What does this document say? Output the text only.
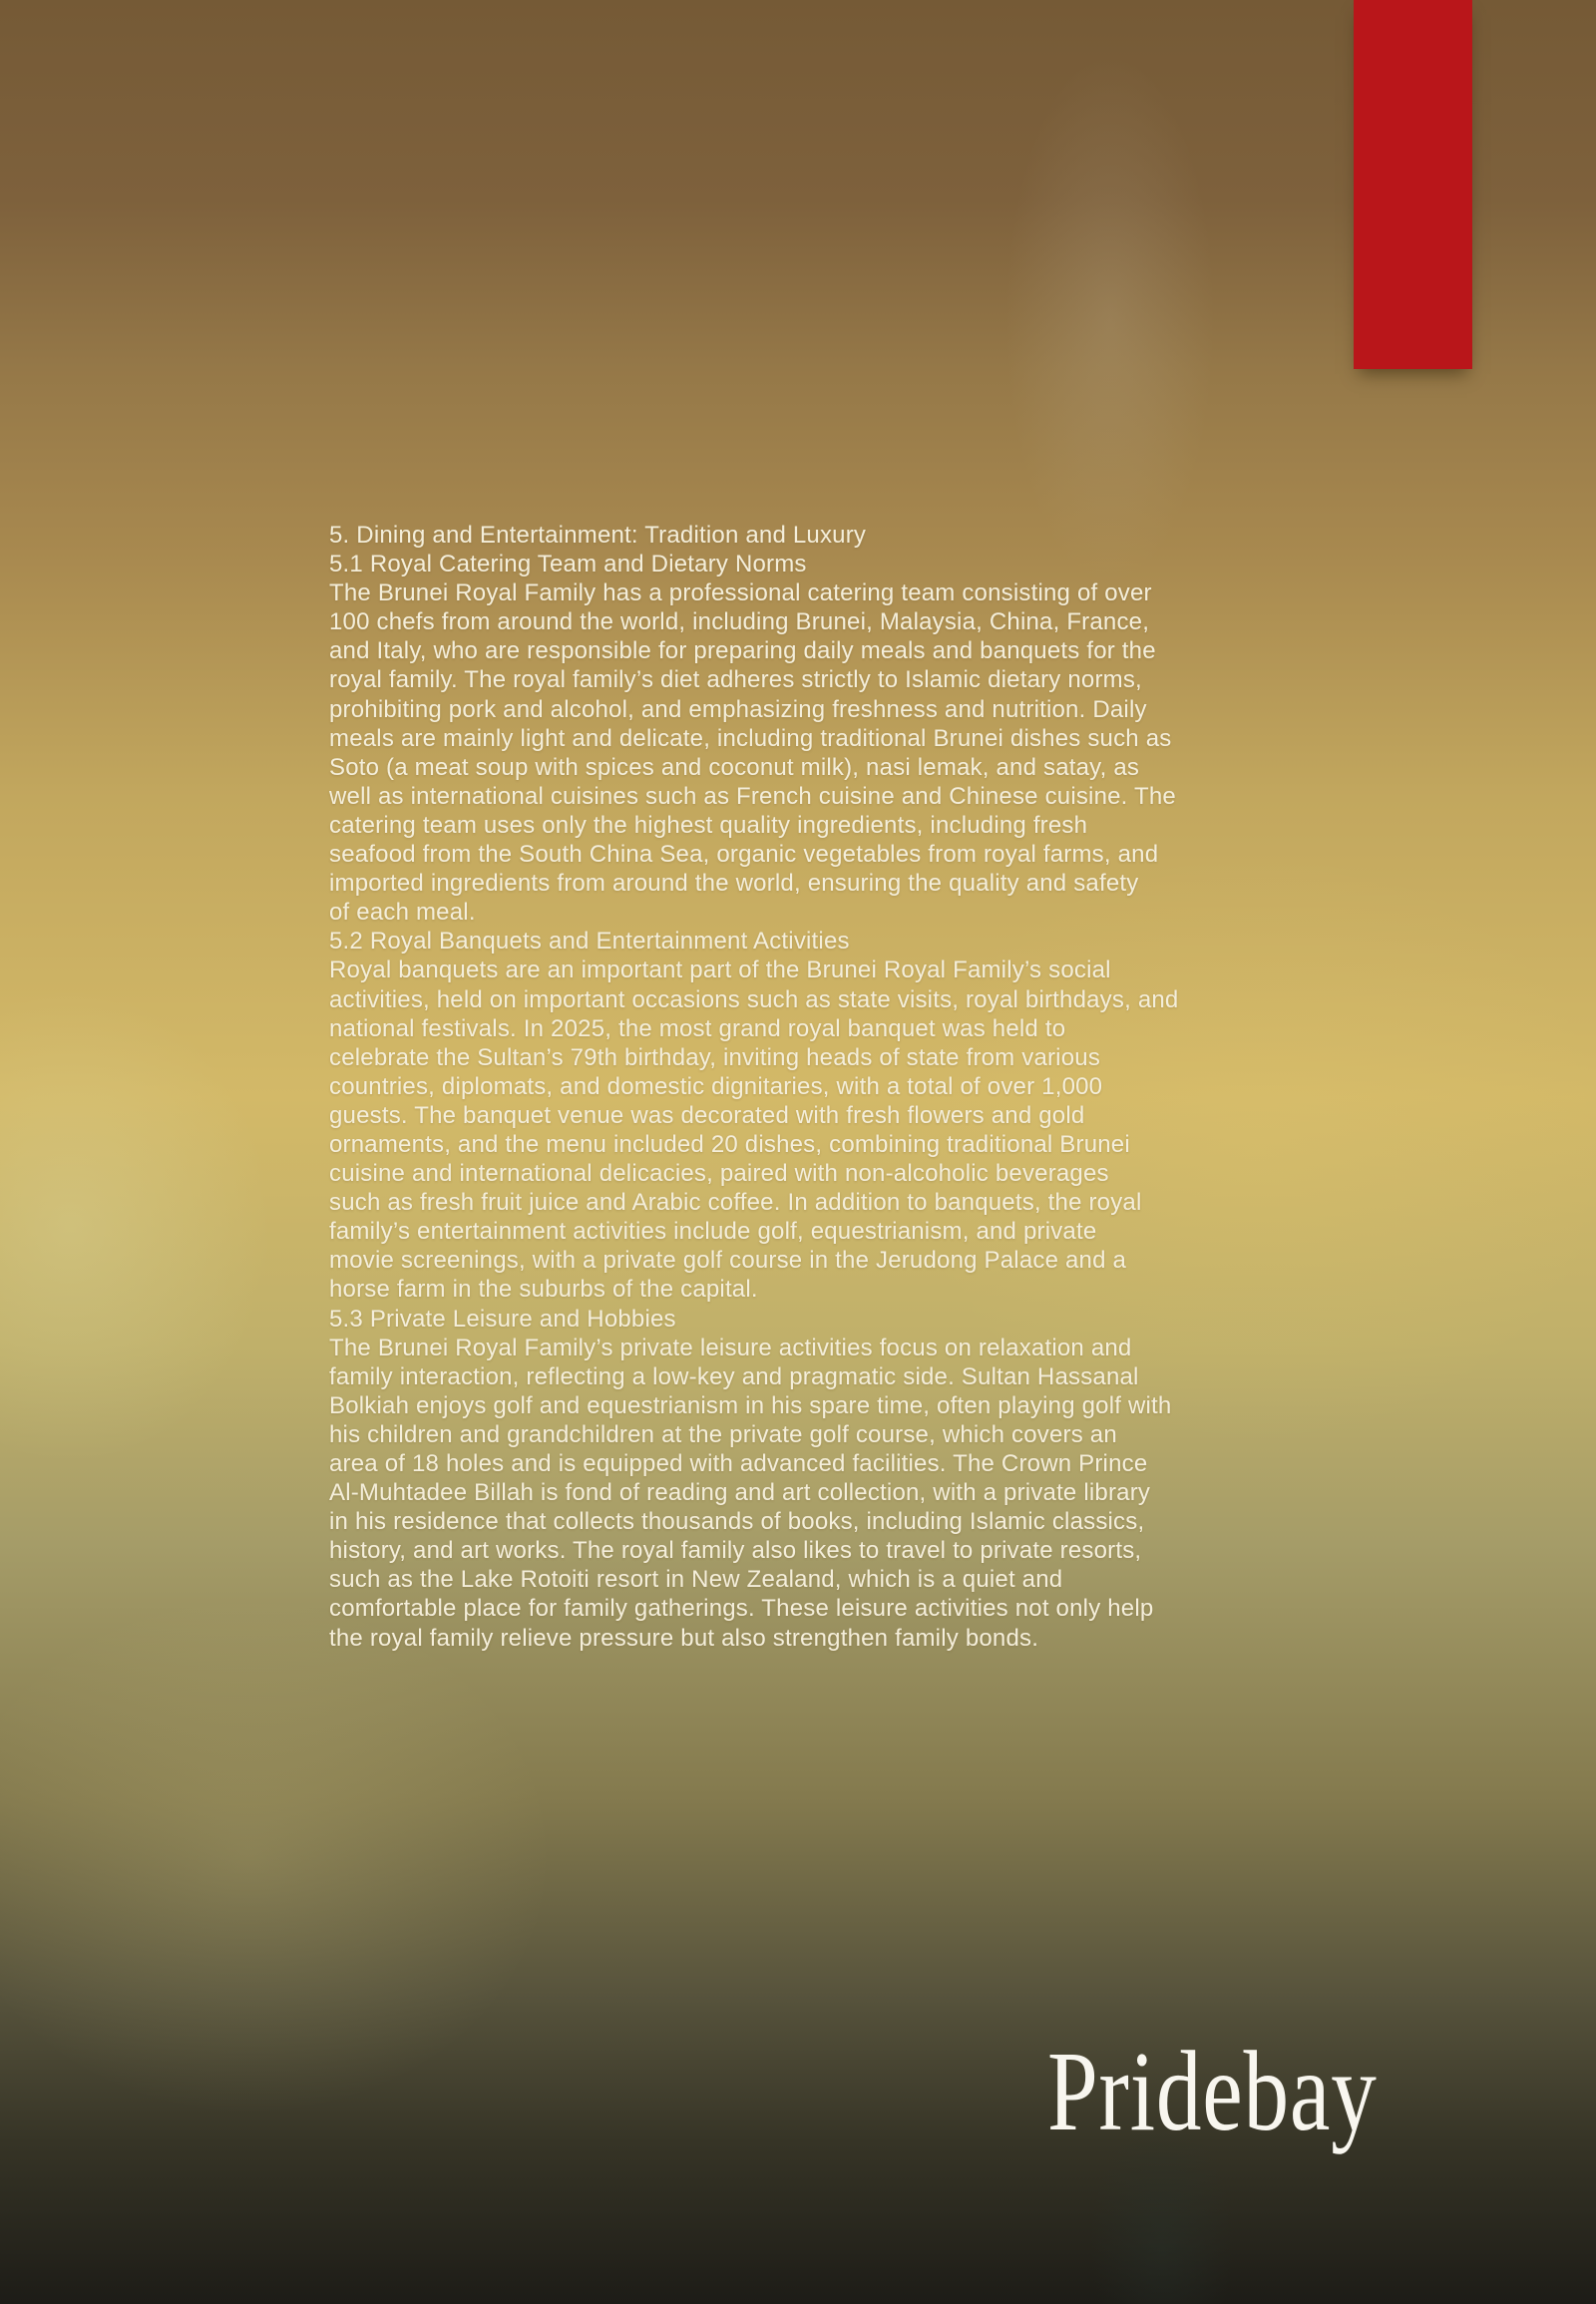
5. Dining and Entertainment: Tradition and Luxury
5.1 Royal Catering Team and Dietary Norms
The Brunei Royal Family has a professional catering team consisting of over
100 chefs from around the world, including Brunei, Malaysia, China, France,
and Italy, who are responsible for preparing daily meals and banquets for the
royal family. The royal family’s diet adheres strictly to Islamic dietary norms,
prohibiting pork and alcohol, and emphasizing freshness and nutrition. Daily
meals are mainly light and delicate, including traditional Brunei dishes such as
Soto (a meat soup with spices and coconut milk), nasi lemak, and satay, as
well as international cuisines such as French cuisine and Chinese cuisine. The
catering team uses only the highest quality ingredients, including fresh
seafood from the South China Sea, organic vegetables from royal farms, and
imported ingredients from around the world, ensuring the quality and safety
of each meal.
5.2 Royal Banquets and Entertainment Activities
Royal banquets are an important part of the Brunei Royal Family’s social
activities, held on important occasions such as state visits, royal birthdays, and
national festivals. In 2025, the most grand royal banquet was held to
celebrate the Sultan’s 79th birthday, inviting heads of state from various
countries, diplomats, and domestic dignitaries, with a total of over 1,000
guests. The banquet venue was decorated with fresh flowers and gold
ornaments, and the menu included 20 dishes, combining traditional Brunei
cuisine and international delicacies, paired with non-alcoholic beverages
such as fresh fruit juice and Arabic coffee. In addition to banquets, the royal
family’s entertainment activities include golf, equestrianism, and private
movie screenings, with a private golf course in the Jerudong Palace and a
horse farm in the suburbs of the capital.
5.3 Private Leisure and Hobbies
The Brunei Royal Family’s private leisure activities focus on relaxation and
family interaction, reflecting a low-key and pragmatic side. Sultan Hassanal
Bolkiah enjoys golf and equestrianism in his spare time, often playing golf with
his children and grandchildren at the private golf course, which covers an
area of 18 holes and is equipped with advanced facilities. The Crown Prince
Al-Muhtadee Billah is fond of reading and art collection, with a private library
in his residence that collects thousands of books, including Islamic classics,
history, and art works. The royal family also likes to travel to private resorts,
such as the Lake Rotoiti resort in New Zealand, which is a quiet and
comfortable place for family gatherings. These leisure activities not only help
the royal family relieve pressure but also strengthen family bonds.
Pridebay
